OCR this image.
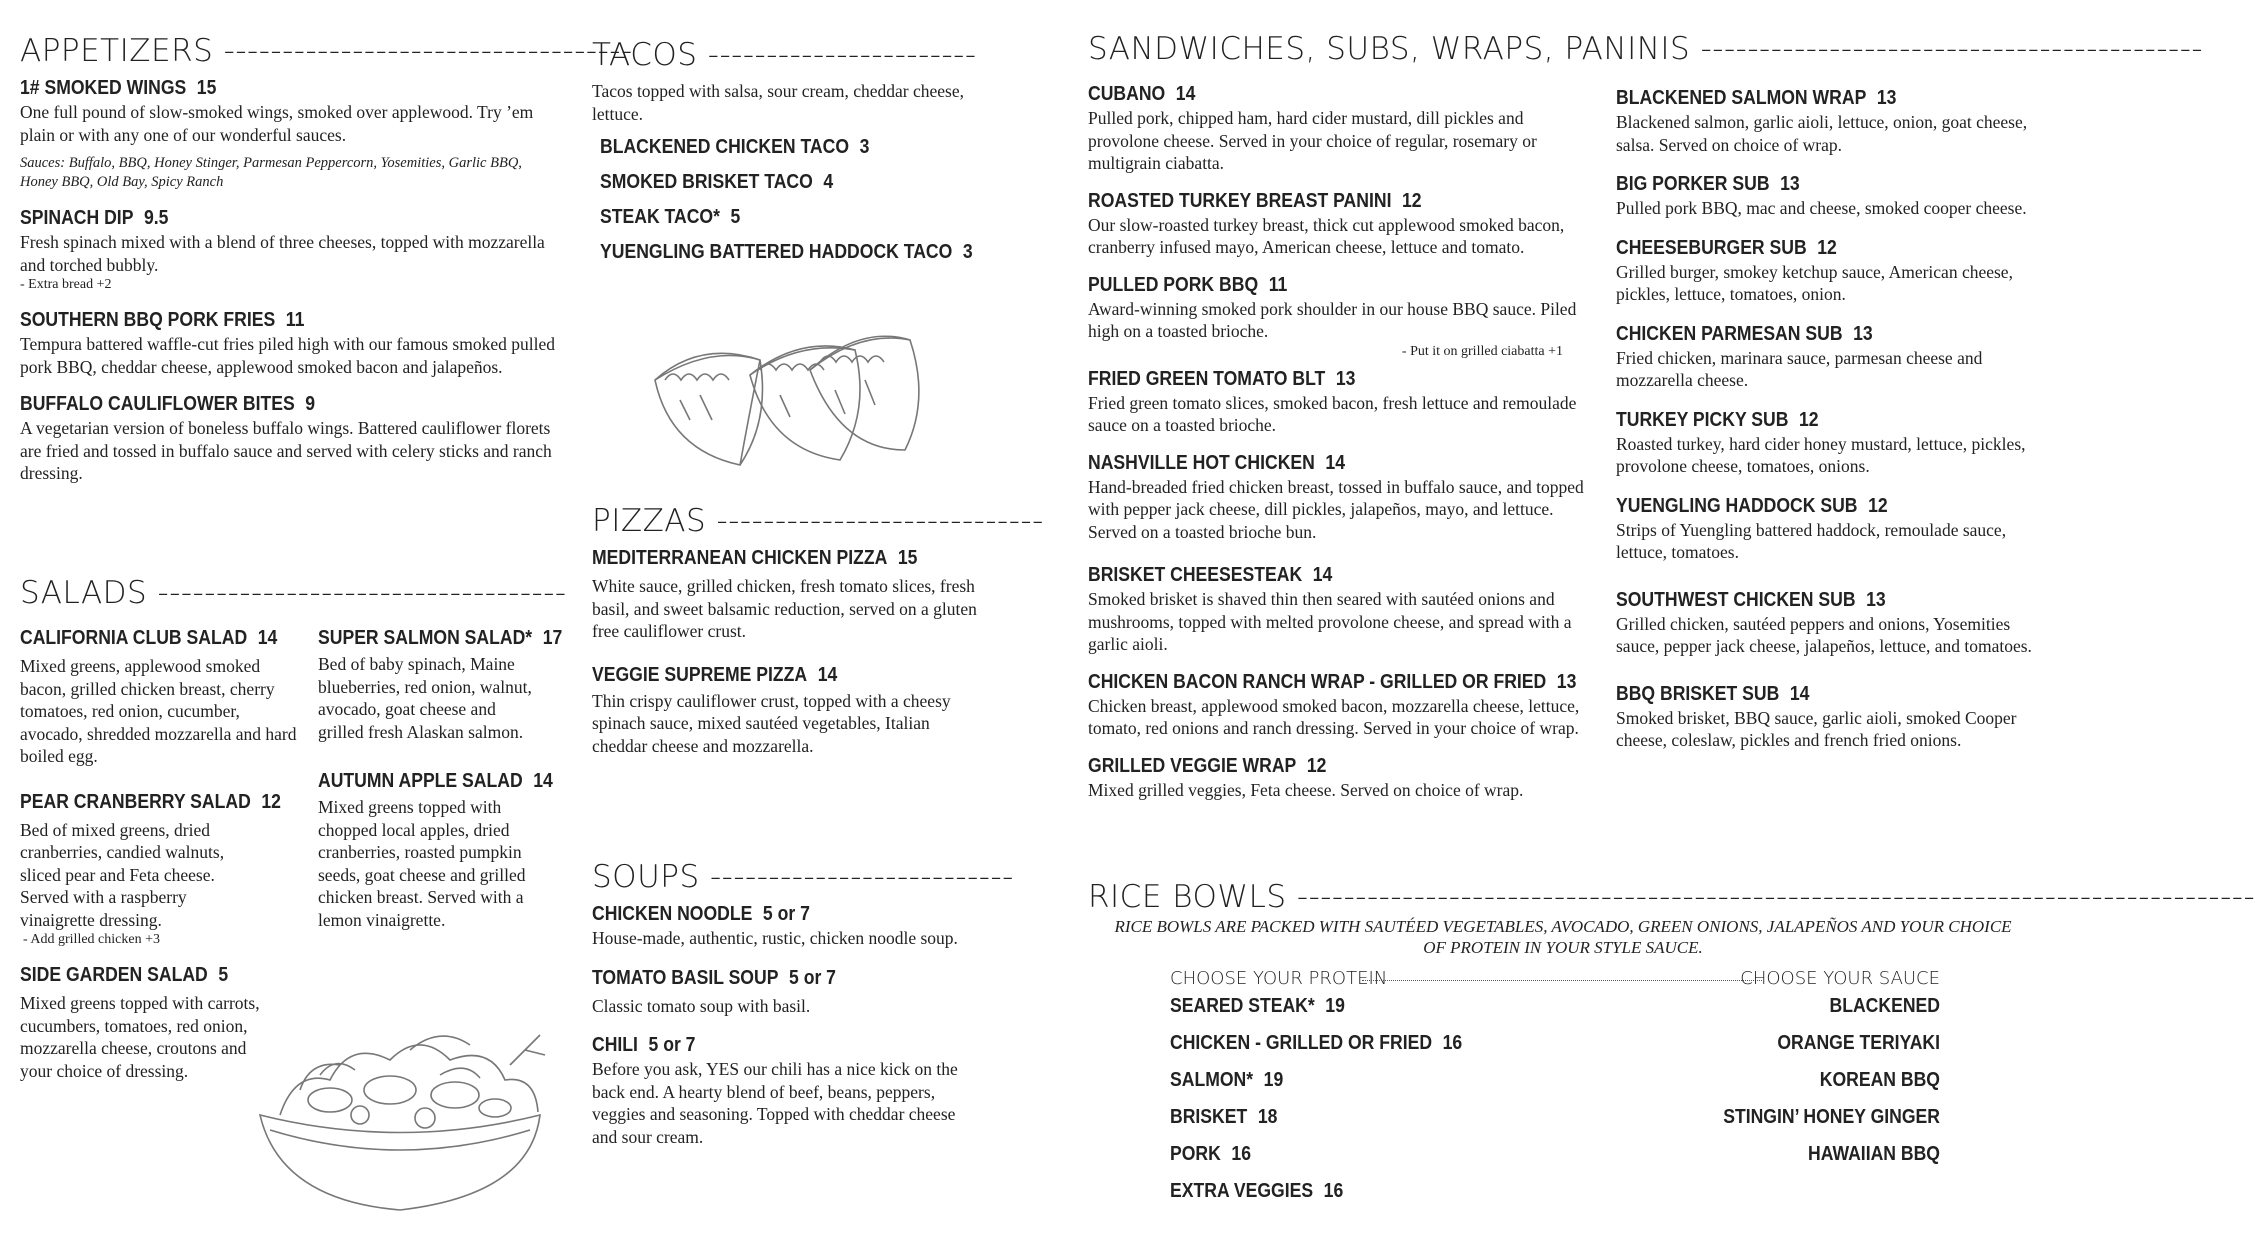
APPETIZERS -----------------------------------
1# SMOKED WINGS 15

One full pound of slow-smoked wings, smoked over applewood. Try ’em plain or with any one of our wonderful sauces.

Sauces: Buffalo, BBQ, Honey Stinger, Parmesan Peppercorn, Yosemities, Garlic BBQ, Honey BBQ, Old Bay, Spicy Ranch
SPINACH DIP 9.5

Fresh spinach mixed with a blend of three cheeses, topped with mozzarella and torched bubbly.

- Extra bread +2
SOUTHERN BBQ PORK FRIES 11

Tempura battered waffle-cut fries piled high with our famous smoked pulled pork BBQ, cheddar cheese, applewood smoked bacon and jalapeños.

BUFFALO CAULIFLOWER BITES 9

A vegetarian version of boneless buffalo wings. Battered cauliflower florets are fried and tossed in buffalo sauce and served with celery sticks and ranch dressing.

SALADS -----------------------------------
CALIFORNIA CLUB SALAD 14

Mixed greens, applewood smoked bacon, grilled chicken breast, cherry tomatoes, red onion, cucumber, avocado, shredded mozzarella and hard boiled egg.

PEAR CRANBERRY SALAD 12

Bed of mixed greens, dried cranberries, candied walnuts, sliced pear and Feta cheese. Served with a raspberry vinaigrette dressing.

- Add grilled chicken +3
SIDE GARDEN SALAD 5

Mixed greens topped with carrots, cucumbers, tomatoes, red onion, mozzarella cheese, croutons and your choice of dressing.

SUPER SALMON SALAD* 17

Bed of baby spinach, Maine blueberries, red onion, walnut, avocado, goat cheese and grilled fresh Alaskan salmon.

AUTUMN APPLE SALAD 14

Mixed greens topped with chopped local apples, dried cranberries, roasted pumpkin seeds, goat cheese and grilled chicken breast. Served with a lemon vinaigrette.

TACOS -----------------------

Tacos topped with salsa, sour cream, cheddar cheese, lettuce.

BLACKENED CHICKEN TACO 3
SMOKED BRISKET TACO 4
STEAK TACO* 5
YUENGLING BATTERED HADDOCK TACO 3
PIZZAS ----------------------------
MEDITERRANEAN CHICKEN PIZZA 15

White sauce, grilled chicken, fresh tomato slices, fresh basil, and sweet balsamic reduction, served on a gluten free cauliflower crust.

VEGGIE SUPREME PIZZA 14

Thin crispy cauliflower crust, topped with a cheesy spinach sauce, mixed sautéed vegetables, Italian cheddar cheese and mozzarella.

SOUPS --------------------------
CHICKEN NOODLE 5 or 7

House-made, authentic, rustic, chicken noodle soup.

TOMATO BASIL SOUP 5 or 7

Classic tomato soup with basil.

CHILI 5 or 7

Before you ask, YES our chili has a nice kick on the back end. A hearty blend of beef, beans, peppers, veggies and seasoning. Topped with cheddar cheese and sour cream.

SANDWICHES, SUBS, WRAPS, PANINIS -------------------------------------------
CUBANO 14

Pulled pork, chipped ham, hard cider mustard, dill pickles and provolone cheese. Served in your choice of regular, rosemary or multigrain ciabatta.

ROASTED TURKEY BREAST PANINI 12

Our slow-roasted turkey breast, thick cut applewood smoked bacon, cranberry infused mayo, American cheese, lettuce and tomato.

PULLED PORK BBQ 11

Award-winning smoked pork shoulder in our house BBQ sauce. Piled high on a toasted brioche.

- Put it on grilled ciabatta +1
FRIED GREEN TOMATO BLT 13

Fried green tomato slices, smoked bacon, fresh lettuce and remoulade sauce on a toasted brioche.

NASHVILLE HOT CHICKEN 14

Hand-breaded fried chicken breast, tossed in buffalo sauce, and topped with pepper jack cheese, dill pickles, jalapeños, mayo, and lettuce. Served on a toasted brioche bun.

BRISKET CHEESESTEAK 14

Smoked brisket is shaved thin then seared with sautéed onions and mushrooms, topped with melted provolone cheese, and spread with a garlic aioli.

CHICKEN BACON RANCH WRAP - GRILLED OR FRIED 13

Chicken breast, applewood smoked bacon, mozzarella cheese, lettuce, tomato, red onions and ranch dressing. Served in your choice of wrap.

GRILLED VEGGIE WRAP 12

Mixed grilled veggies, Feta cheese. Served on choice of wrap.

BLACKENED SALMON WRAP 13

Blackened salmon, garlic aioli, lettuce, onion, goat cheese, salsa. Served on choice of wrap.

BIG PORKER SUB 13

Pulled pork BBQ, mac and cheese, smoked cooper cheese.

CHEESEBURGER SUB 12

Grilled burger, smokey ketchup sauce, American cheese, pickles, lettuce, tomatoes, onion.

CHICKEN PARMESAN SUB 13

Fried chicken, marinara sauce, parmesan cheese and mozzarella cheese.

TURKEY PICKY SUB 12

Roasted turkey, hard cider honey mustard, lettuce, pickles, provolone cheese, tomatoes, onions.

YUENGLING HADDOCK SUB 12

Strips of Yuengling battered haddock, remoulade sauce, lettuce, tomatoes.

SOUTHWEST CHICKEN SUB 13

Grilled chicken, sautéed peppers and onions, Yosemities sauce, pepper jack cheese, jalapeños, lettuce, and tomatoes.

BBQ BRISKET SUB 14

Smoked brisket, BBQ sauce, garlic aioli, smoked Cooper cheese, coleslaw, pickles and french fried onions.

RICE BOWLS ----------------------------------------------------------------------------------
RICE BOWLS ARE PACKED WITH SAUTÉED VEGETABLES, AVOCADO, GREEN ONIONS, JALAPEÑOS AND YOUR CHOICE OF PROTEIN IN YOUR STYLE SAUCE.
CHOOSE YOUR PROTEIN	CHOOSE YOUR SAUCE
SEARED STEAK* 19
CHICKEN - GRILLED OR FRIED 16
SALMON* 19
BRISKET 18
PORK 16
EXTRA VEGGIES 16
BLACKENED
ORANGE TERIYAKI
KOREAN BBQ
STINGIN’ HONEY GINGER
HAWAIIAN BBQ
